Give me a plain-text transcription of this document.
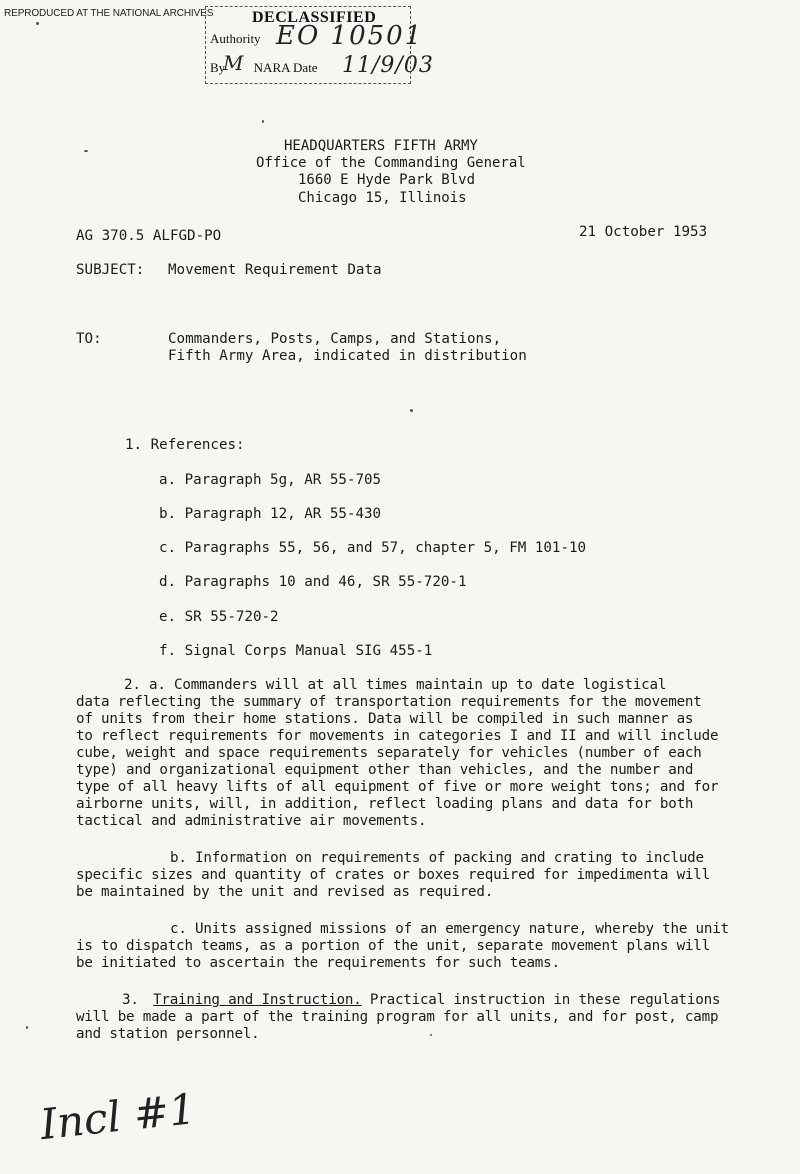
REPRODUCED AT THE NATIONAL ARCHIVES DECLASSIFIED
Authority EO 10501
By NARA Date
M	11/9/03
HEADQUARTERS FIFTH ARMY
Office of the Commanding General
1660 E Hyde Park Blvd
Chicago 15, Illinois
AG 370.5 ALFGD-PO	21 October 1953
SUBJECT: Movement Requirement Data
TO:	Commanders, Posts, Camps, and Stations,
Fifth Army Area, indicated in distribution
1. References:
a. Paragraph 5g, AR 55-705
b. Paragraph 12, AR 55-430
c. Paragraphs 55, 56, and 57, chapter 5, FM 101-10
d. Paragraphs 10 and 46, SR 55-720-1
e. SR 55-720-2
f. Signal Corps Manual SIG 455-1
2. a. Commanders will at all times maintain up to date logistical
data reflecting the summary of transportation requirements for the movement
of units from their home stations. Data will be compiled in such manner as
to reflect requirements for movements in categories I and II and will include
cube, weight and space requirements separately for vehicles (number of each
type) and organizational equipment other than vehicles, and the number and
type of all heavy lifts of all equipment of five or more weight tons; and for
airborne units, will, in addition, reflect loading plans and data for both
tactical and administrative air movements.
b. Information on requirements of packing and crating to include
specific sizes and quantity of crates or boxes required for impedimenta will
be maintained by the unit and revised as required.
c. Units assigned missions of an emergency nature, whereby the unit
is to dispatch teams, as a portion of the unit, separate movement plans will
be initiated to ascertain the requirements for such teams.
3. Training and Instruction. Practical instruction in these regulations
will be made a part of the training program for all units, and for post, camp
and station personnel.
Incl #1
